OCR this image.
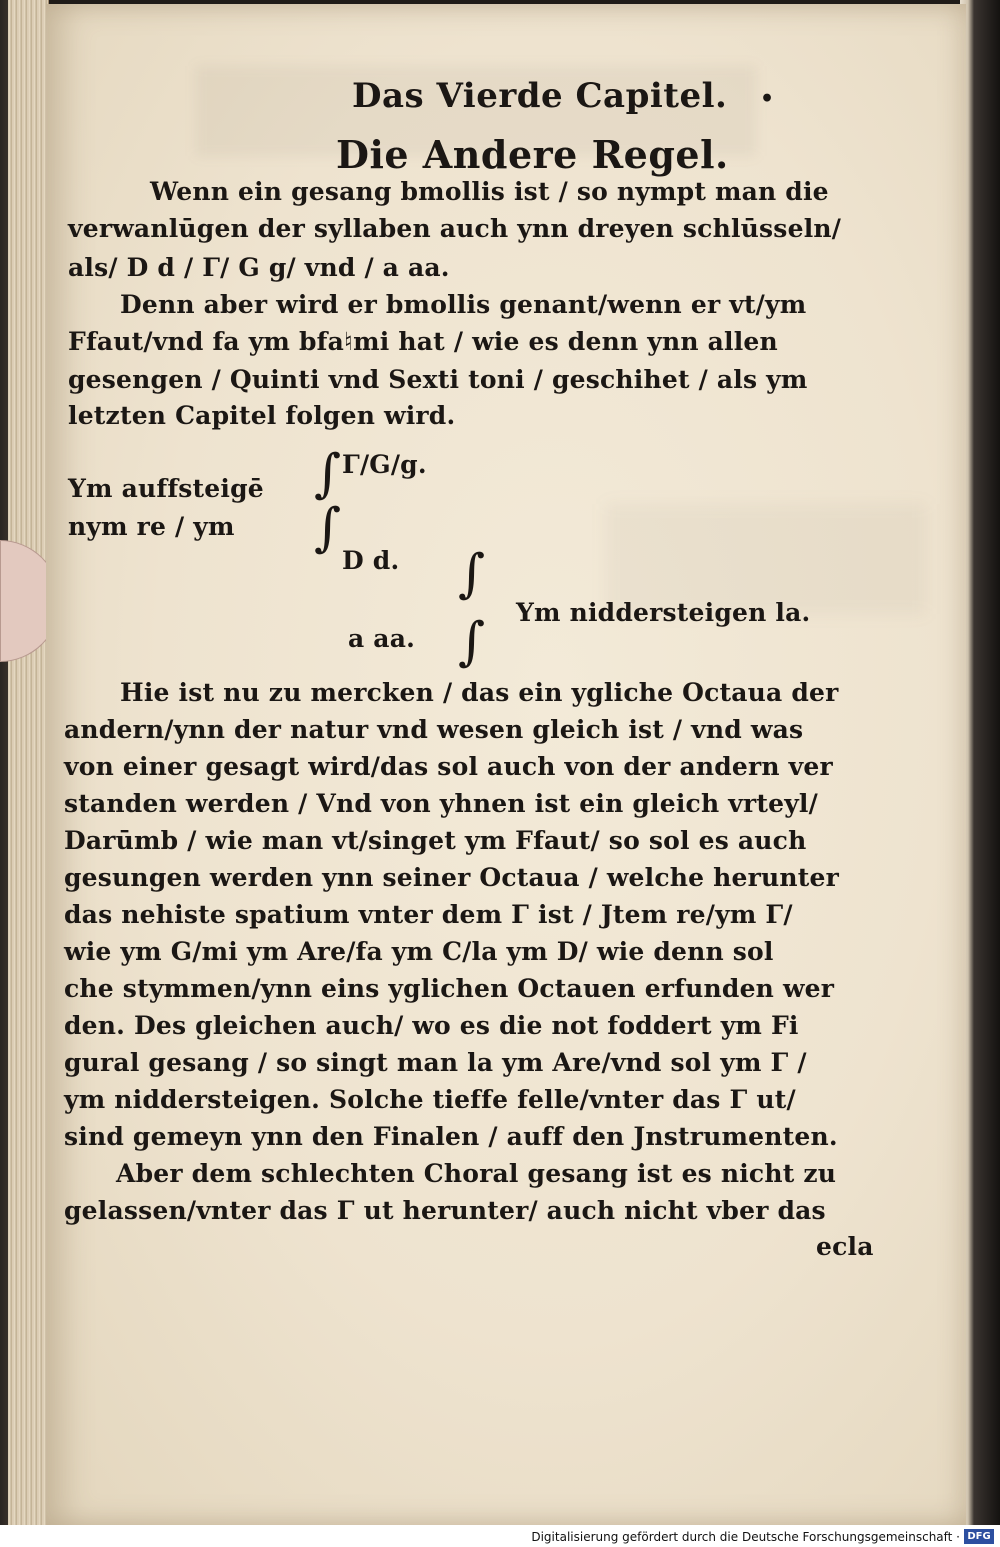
Das Vierde Capitel. •
Die Andere Regel.
Wenn ein gesang bmollis ist / so nympt man die
verwanlūgen der syllaben auch ynn dreyen schlūsseln/
als/ D d / Γ/ G g/ vnd / a aa.
Denn aber wird er bmollis genant/wenn er vt/ym
Ffaut/vnd fa ym bfa♮mi hat / wie es denn ynn allen
gesengen / Quinti vnd Sexti toni / geschihet / als ym
letzten Capitel folgen wird.
Ym auffsteigē
nym re / ym
∫
∫
Γ/G/g.
D d. ∫
∫ Ym niddersteigen la.
a aa.
Hie ist nu zu mercken / das ein ygliche Octaua der
andern/ynn der natur vnd wesen gleich ist / vnd was
von einer gesagt wird/das sol auch von der andern ver
standen werden / Vnd von yhnen ist ein gleich vrteyl/
Darūmb / wie man vt/singet ym Ffaut/ so sol es auch
gesungen werden ynn seiner Octaua / welche herunter
das nehiste spatium vnter dem Γ ist / Jtem re/ym Γ/
wie ym G/mi ym Are/fa ym C/la ym D/ wie denn sol
che stymmen/ynn eins yglichen Octauen erfunden wer
den. Des gleichen auch/ wo es die not foddert ym Fi
gural gesang / so singt man la ym Are/vnd sol ym Γ /
ym niddersteigen. Solche tieffe felle/vnter das Γ ut/
sind gemeyn ynn den Finalen / auff den Jnstrumenten.
Aber dem schlechten Choral gesang ist es nicht zu
gelassen/vnter das Γ ut herunter/ auch nicht vber das
ecla
Digitalisierung gefördert durch die Deutsche Forschungsgemeinschaft · DFG
